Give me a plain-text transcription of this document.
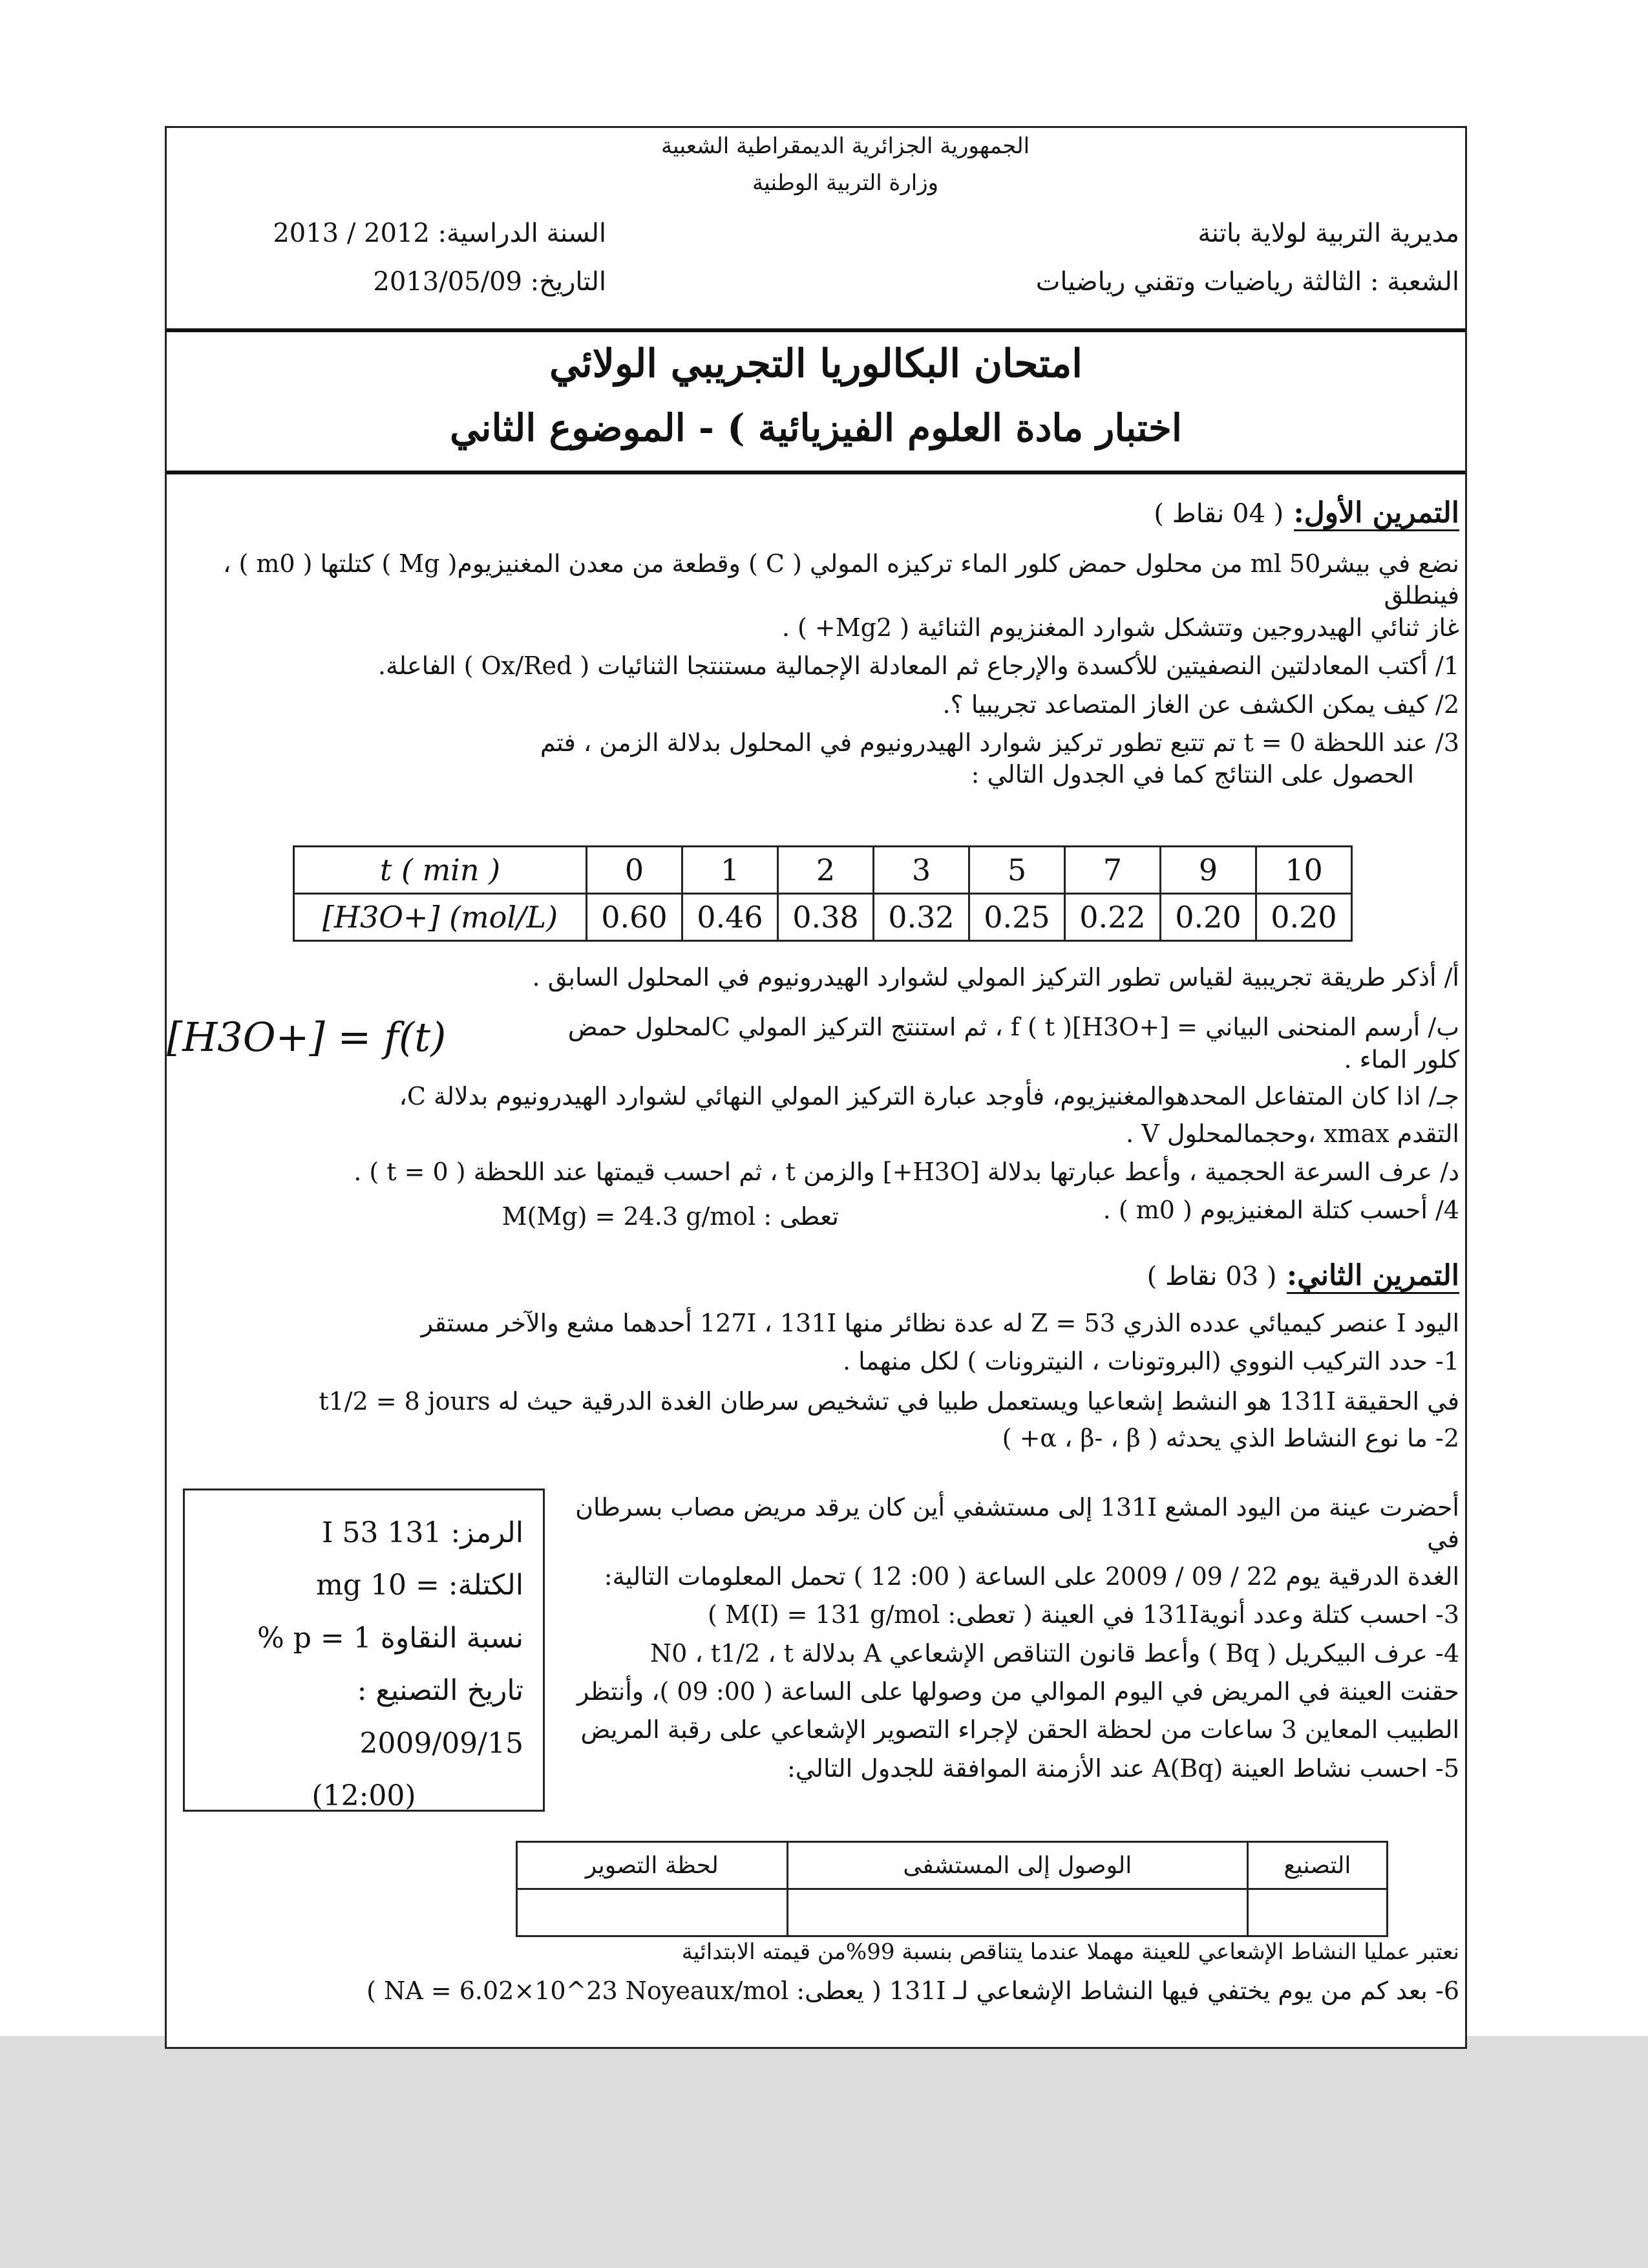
الجمهورية الجزائرية الديمقراطية الشعبية
وزارة التربية الوطنية
السنة الدراسية: 2012 / 2013
التاريخ: 2013/05/09
مديرية التربية لولاية باتنة
الشعبة : الثالثة رياضيات وتقني رياضيات
امتحان البكالوريا التجريبي الولائي
اختبار مادة العلوم الفيزيائية ) - الموضوع الثاني
التمرين الأول: ( 04 نقاط )
نضع في بيشر50 ml من محلول حمض كلور الماء تركيزه المولي ( C ) وقطعة من معدن المغنيزيوم( Mg ) كتلتها ( m0 ) ، فينطلق
غاز ثنائي الهيدروجين وتتشكل شوارد المغنزيوم الثنائية ( Mg2+ ) .
1/ أكتب المعادلتين النصفيتين للأكسدة والإرجاع ثم المعادلة الإجمالية مستنتجا الثنائيات ( Ox/Red ) الفاعلة.
2/ كيف يمكن الكشف عن الغاز المتصاعد تجريبيا ؟.
3/ عند اللحظة t = 0 تم تتبع تطور تركيز شوارد الهيدرونيوم في المحلول بدلالة الزمن ، فتم
الحصول على النتائج كما في الجدول التالي :
t ( min )	0	1	2	3	5	7	9	10
[H3O+] (mol/L)	0.60	0.46	0.38	0.32	0.25	0.22	0.20	0.20
أ/ أذكر طريقة تجريبية لقياس تطور التركيز المولي لشوارد الهيدرونيوم في المحلول السابق .
ب/ أرسم المنحنى البياني = f ( t )[H3O+] ، ثم استنتج التركيز المولي Cلمحلول حمض كلور الماء .
جـ/ اذا كان المتفاعل المحدهوالمغنيزيوم، فأوجد عبارة التركيز المولي النهائي لشوارد الهيدرونيوم بدلالة C،
التقدم xmax ،وحجمالمحلول V .
د/ عرف السرعة الحجمية ، وأعط عبارتها بدلالة [H3O+] والزمن t ، ثم احسب قيمتها عند اللحظة ( t = 0 ) .
4/ أحسب كتلة المغنيزيوم ( m0 ) .
تعطى : M(Mg) = 24.3 g/mol
[H3O+] = f(t)
التمرين الثاني: ( 03 نقاط )
اليود I عنصر كيميائي عدده الذري Z = 53 له عدة نظائر منها 127I ، 131I أحدهما مشع والآخر مستقر
1- حدد التركيب النووي (البروتونات ، النيترونات ) لكل منهما .
في الحقيقة 131I هو النشط إشعاعيا ويستعمل طبيا في تشخيص سرطان الغدة الدرقية حيث له t1/2 = 8 jours
2- ما نوع النشاط الذي يحدثه ( α ، β- ، β+ )
أحضرت عينة من اليود المشع 131I إلى مستشفي أين كان يرقد مريض مصاب بسرطان في
الغدة الدرقية يوم 22 / 09 / 2009 على الساعة ( 00: 12 ) تحمل المعلومات التالية:
3- احسب كتلة وعدد أنوية131I في العينة ( تعطى: M(I) = 131 g/mol )
4- عرف البيكريل ( Bq ) وأعط قانون التناقص الإشعاعي A بدلالة N0 ، t1/2 ، t
حقنت العينة في المريض في اليوم الموالي من وصولها على الساعة ( 00: 09 )، وأنتظر
الطبيب المعاين 3 ساعات من لحظة الحقن لإجراء التصوير الإشعاعي على رقبة المريض
5- احسب نشاط العينة A(Bq) عند الأزمنة الموافقة للجدول التالي:
الرمز: 131 53 I
الكتلة: = 10 mg
نسبة النقاوة p = 1 %
تاريخ التصنيع : 2009/09/15
(12:00)
التصنيع	الوصول إلى المستشفى	لحظة التصوير

نعتبر عمليا النشاط الإشعاعي للعينة مهملا عندما يتناقص بنسبة 99%من قيمته الابتدائية
6- بعد كم من يوم يختفي فيها النشاط الإشعاعي لـ 131I ( يعطى: NA = 6.02×10^23 Noyeaux/mol )
